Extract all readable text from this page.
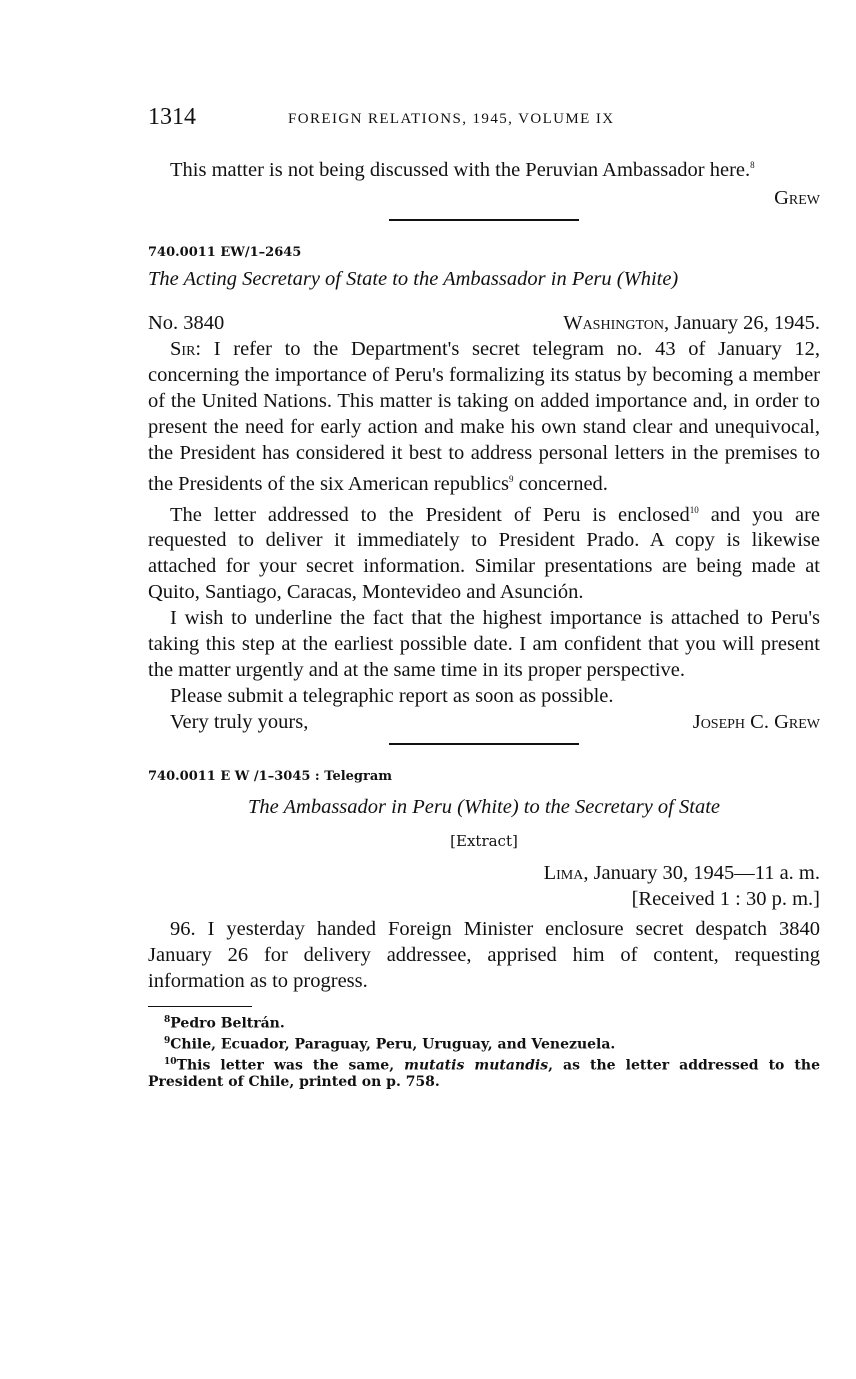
1314	FOREIGN RELATIONS, 1945, VOLUME IX
This matter is not being discussed with the Peruvian Ambassador here.$^8$
Grew
740.0011 EW/1–2645
The Acting Secretary of State to the Ambassador in Peru (White)
No. 3840	Washington, January 26, 1945.
Sir: I refer to the Department's secret telegram no. 43 of January 12, concerning the importance of Peru's formalizing its status by becoming a member of the United Nations. This matter is taking on added importance and, in order to present the need for early action and make his own stand clear and unequivocal, the President has considered it best to address personal letters in the premises to the Presidents of the six American republics$^9$ concerned.
The letter addressed to the President of Peru is enclosed$^{10}$ and you are requested to deliver it immediately to President Prado. A copy is likewise attached for your secret information. Similar presentations are being made at Quito, Santiago, Caracas, Montevideo and Asunción.
I wish to underline the fact that the highest importance is attached to Peru's taking this step at the earliest possible date. I am confident that you will present the matter urgently and at the same time in its proper perspective.
Please submit a telegraphic report as soon as possible.
Very truly yours,	Joseph C. Grew
740.0011 E W /1–3045 : Telegram
The Ambassador in Peru (White) to the Secretary of State
[Extract]
Lima, January 30, 1945—11 a. m.
[Received 1 : 30 p. m.]
96. I yesterday handed Foreign Minister enclosure secret despatch 3840 January 26 for delivery addressee, apprised him of content, requesting information as to progress.
$^8$Pedro Beltrán.
$^9$Chile, Ecuador, Paraguay, Peru, Uruguay, and Venezuela.
$^{10}$This letter was the same, mutatis mutandis, as the letter addressed to the President of Chile, printed on p. 758.
